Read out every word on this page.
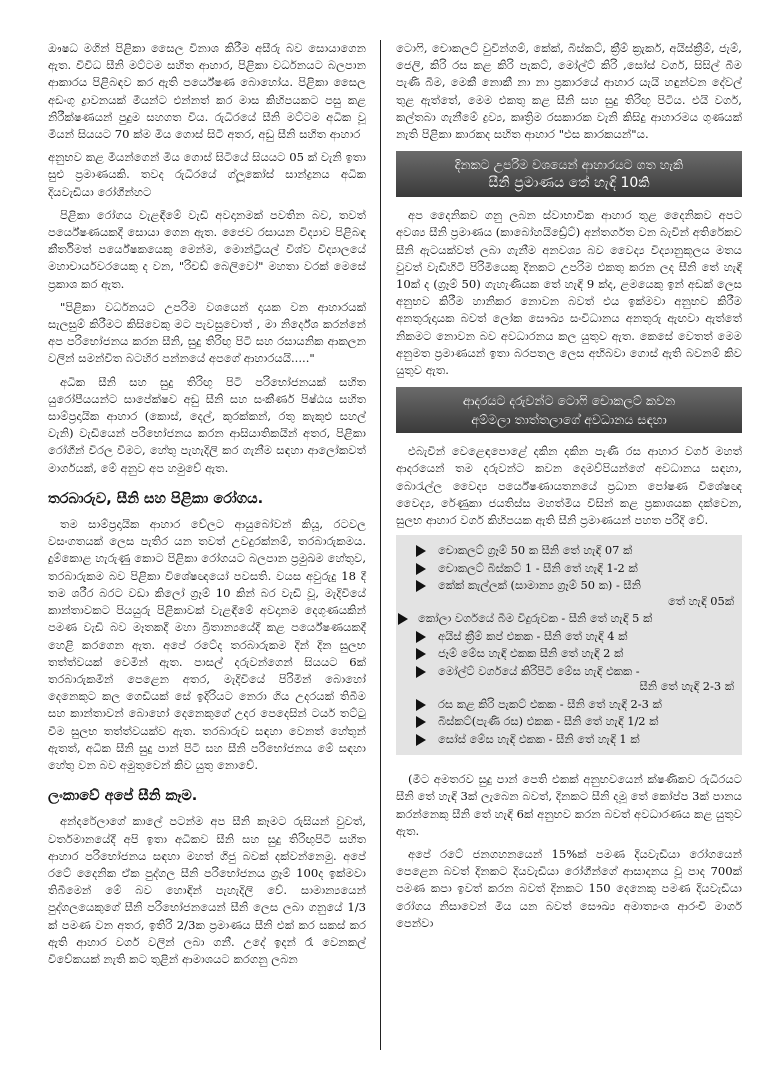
ඖෂධ මගින් පිළිකා සෛල විනාශ කිරීම අසීරු බව සොයාගෙන ඇත. විවිධ සීනි මට්ටම සහිත ආහාර, පිළිකා වර්ධනයට බලපාන ආකාරය පිළිබඳව කර ඇති පර්යේෂණ බොහෝය. පිළිකා සෛල අඩංගු ද්‍රාවනයක් මීයන්ට එන්නත් කර මාස කිහිපයකට පසු කළ නිරීක්ෂණයන් පුදුම සහගත විය. රුධිරයේ සීනි මට්ටම අධික වූ මීයන් සියයට 70 ක්ම මිය ගොස් සිටි අතර, අඩු සීනි සහිත ආහාර

අනුභව කළ මීයන්ගෙන් මිය ගොස් සිටියේ සියයට 05 ක් වැනි ඉතා සුළු ප්‍රමාණයකි. තවද රුධිරයේ ග්ලූකෝස් සාන්ද්‍රනය අධික දියවැඩියා රෝගීන්හට

පිළිකා රෝගය වැළඳීමේ වැඩි අවදානමක් පවතින බව, තවත් පර්යේෂණයකදී සොයා ගෙන ඇත. ජෛව රසායන විද්‍යාව පිළිබඳ කීර්තිමත් පර්යේෂකයෙකු මෙන්ම, මොන්ට්‍රියල් විශ්ව විද්‍යාලයේ මහාචාර්යවරයෙකු ද වන, "රිචඩ් බෙලිවෝ" මහතා වරක් මෙසේ ප්‍රකාශ කර ඇත.

"පිළිකා වර්ධනයට උපරිම වශයෙන් දායක වන ආහාරයක් සැලසුම් කිරීමට කිසිවෙකු මට පැවසුවොත් , මා නිර්දේශ කරන්නේ අප පරිභෝජනය කරන සීනි, සුදු තිරිඟු පිටි සහ රසායනික ආකලන වලින් සමන්විත බටහිර පන්නයේ අපගේ ආහාරයයි....."

අධික සීනි සහ සුදු තිරිඟු පිටි පරිභෝජනයක් සහිත යුරෝපීයයන්ට සාපේක්ෂව අඩු සීනි සහ සංකීර්ණ පිෂ්ඨය සහිත සාම්ප්‍රදායික ආහාර (කොස්, දෙල්, කුරක්කන්, රතු කැකුළු සහල් වැනි) වැඩියෙන් පරිභෝජනය කරන ආසියාතිකයින් අතර, පිළිකා රෝගීන් විරල වීමට, හේතු පැහැදිලි කර ගැනීම සඳහා ආලෝකවත් මාර්ගයක්, මේ අනුව අප හමුවේ ඇත.

තරබාරුව, සීනි සහ පිළිකා රෝගය.

තම සාම්ප්‍රදායික ආහාර වේලට ආයුබෝවන් කියූ, රටවල වසංගතයක් ලෙස පැතිර යන තවත් උවදුරක්නම්, තරබාරුකමය. දුම්කොළ හැරුණු කොට පිළිකා රෝගයට බලපාන ප්‍රමුඛම හේතුව, තරබාරුකම බව පිළිකා විශේෂඥයෝ පවසති. වයස අවුරුදු 18 දී තම ශරීර බරට වඩා කිලෝ ග්‍රෑම් 10 කින් බර වැඩි වූ, මැදිවියේ කාන්තාවකට පියයුරු පිළිකාවක් වැළඳීමේ අවදානම දෙගුණයකින් පමණ වැඩි බව මෑතකදී මහා බ්‍රිතාන්‍යයේදී කළ පර්යේෂණයකදී හෙළි කරගෙන ඇත. අපේ රටේද තරබාරුකම දින් දින සුලභ තත්ත්වයක් වෙමින් ඇත. පාසල් දරුවන්ගෙන් සියයට 6ක් තරබාරුකමින් පෙළෙන අතර, මැදිවියේ පිරිමින් බොහෝ දෙනෙකුට කල ගෙඩියක් සේ ඉදිරියට නෙරා ගිය උදරයක් තිබීම සහ කාන්තාවන් බොහෝ දෙනෙකුගේ උදර පෙදෙසින් ටයර් තට්ටු වීම සුලභ තත්ත්වයක්ව ඇත. තරබාරුව සඳහා වෙනත් හේතුන් ඇතත්, අධික සීනි සුදු පාන් පිටි සහ සීනි පරිභෝජනය මේ සඳහා හේතු වන බව අමුතුවෙන් කිව යුතු නොවේ.

ලංකාවේ අපේ සීනි කෑම.

අන්දරේලාගේ කාලේ පටන්ම අප සීනි කෑමට රුසියන් වුවත්, වර්තමානයේදී අපි ඉතා අධිකව සීනි සහ සුදු තිරිඟුපිටි සහිත ආහාර පරිභෝජනය සඳහා මහත් ගිජු බවක් දක්වන්නෙමු. අපේ රටේ දෛනික ඒක පුද්ගල සීනි පරිභෝජනය ග්‍රෑම් 100ද ඉක්මවා තිබීමෙන් මේ බව හොඳින් පැහැදිලි වේ. සාමාන්‍යයෙන් පුද්ගලයෙකුගේ සීනි පරිභෝජනයෙන් සීනි ලෙස ලබා ගනුයේ 1/3 ක් පමණ වන අතර, ඉතිරි 2/3ක ප්‍රමාණය සීනි එක් කර සකස් කර ඇති ආහාර වර්ග වලින් ලබා ගනී. උදේ ඉදන් රෑ වෙනකල් විවේකයක් නැති කට තුළින් ආමාශයට කරගනු ලබන

ටොෆි, චොකලට් වුවින්ගම්, කේක්, බිස්කට්, ක්‍රීම් ක්‍රැකර්, අයිස්ක්‍රීම්, ජැම්, ජෙලි, කිරි රස කළ කිරි පැකට්, මෝල්ට් කිරි ,සෝස් වර්ග, සිසිල් බීම පැණි බීම, මෙකී නොකී නා නා ප්‍රකාරයේ ආහාර යැයි හඳුන්වන දේවල් තුළ ඇත්තේ, මෙම එකතු කළ සීනි සහ සුදු තිරිඟු පිටිය. එයි වර්ග, කල්තබා ගැනීමේ ද්‍රව්‍ය, කෘත්‍රිම රසකාරක වැනි කිසිදු ආහාරමය ගුණයක් නැති පිළිකා කාරකද සහිත ආහාර "එස කාරකයන්"ය.

දිනකට උපරිම වශයෙන් ආහාරයට ගත හැකි
සීනි ප්‍රමාණය තේ හැඳි 10කි

අප දෛනිකව ගනු ලබන ස්වාභාවික ආහාර තුළ දෛනිකව අපට අවශ්‍ය සීනි ප්‍රමාණය (කාබෝහයිඩ්‍රේට්) අන්තර්ගත වන බැවින් අතිරේකව සීනි ඇටයක්වත් ලබා ගැනීම අනවශ්‍ය බව වෛද්‍ය විද්‍යානුකූලය මතය වුවත් වැඩිහිටි පිරිමියෙකු දිනකට උපරිම එකතු කරන ලද සීනි තේ හැඳි 10ක් ද (ග්‍රෑම් 50) ගැහැණියක තේ හැඳි 9 ක්ද, ළමයෙකු ඉන් අඩක් ලෙස අනුභව කිරීම හානිකර නොවන බවත් එය ඉක්මවා අනුභව කිරීම අනතුරුදායක බවත් ලෝක සෞඛ්‍ය සංවිධානය අනතුරු ඇඟවා ඇත්තේ නිකමට නොවන බව අවධාරනය කල යුතුව ඇත. කෙසේ වෙතත් මෙම අනුමත ප්‍රමාණයන් ඉතා බරපතල ලෙස අභිබවා ගොස් ඇති බවනම් කිව යුතුව ඇත.

ආදරයට දරුවන්ට ටොෆි චොකලට් කවන
අම්මලා තාත්තලාගේ අවධානය සඳහා

එබැවින් වෙළෙඳපොළේ දකින දකින පැණි රස ආහාර වර්ග මහත් ආදරයෙන් තම දරුවන්ට කවන දෙමව්පියන්ගේ අවධානය සඳහා, බොරැල්ල වෛද්‍ය පර්යේෂණායතනයේ ප්‍රධාන පෝෂණ විශේෂඥ වෛද්‍ය, රේණුකා ජයතිස්ස මහත්මිය විසින් කළ ප්‍රකාශයක දක්වෙන, සුලභ ආහාර වර්ග කිහිපයක ඇති සීනි ප්‍රමාණයන් පහත පරිදි වේ.

චොකලට් ග්‍රෑම් 50 ක සීනි තේ හැඳි 07 ක්
චොකලට් බිස්කට් 1 - සීනි තේ හැඳි 1-2 ක්
කේක් කැල්ලක් (සාමාන්‍ය ග්‍රෑම් 50 ක) - සීනි
තේ හැඳි 05ක්
කෝලා වර්ගයේ බීම විදුරුවක - සීනි තේ හැඳි 5 ක්
අයිස් ක්‍රීම් කප් එකක - සීනි තේ හැඳි 4 ක්
ජෑම් මේස හැඳි එකක සීනි තේ හැඳි 2 ක්
මෝල්ට් වර්ගයේ කිරිපිටි මේස හැඳි එකක -
සීනි තේ හැඳි 2-3 ක්
රස කළ කිරි පැකට් එකක - සීනි තේ හැඳි 2-3 ක්
බිස්කට්(පැණි රස) එකක - සීනි තේ හැඳි 1/2 ක්
සෝස් මේස හැඳි එකක - සීනි තේ හැඳි 1 ක්

(මීට අමතරව සුදු පාන් පෙති එකක් අනුභවයෙන් ක්ෂණිකව රුධිරයට සීනි තේ හැඳි 3ක් ලැබෙන බවත්, දිනකට සීනි දමූ තේ කෝප්ප 3ක් පානය කරන්නෙකු සීනි තේ හැඳි 6ක් අනුභව කරන බවත් අවධාරණය කළ යුතුව ඇත.

අපේ රටේ ජනගහනයෙන් 15%ක් පමණ දියවැඩියා රෝගයෙන් පෙළෙන බවත් දිනකට දියවැඩියා රෝගීන්ගේ ආසාදනය වූ පාද 700ක් පමණ කපා ඉවත් කරන බවත් දිනකට 150 දෙනෙකු පමණ දියවැඩියා රෝගය නිසාවෙන් මිය යන බවත් සෞඛ්‍ය අමාත්‍යංශ ආරංචි මාර්ග පෙන්වා
